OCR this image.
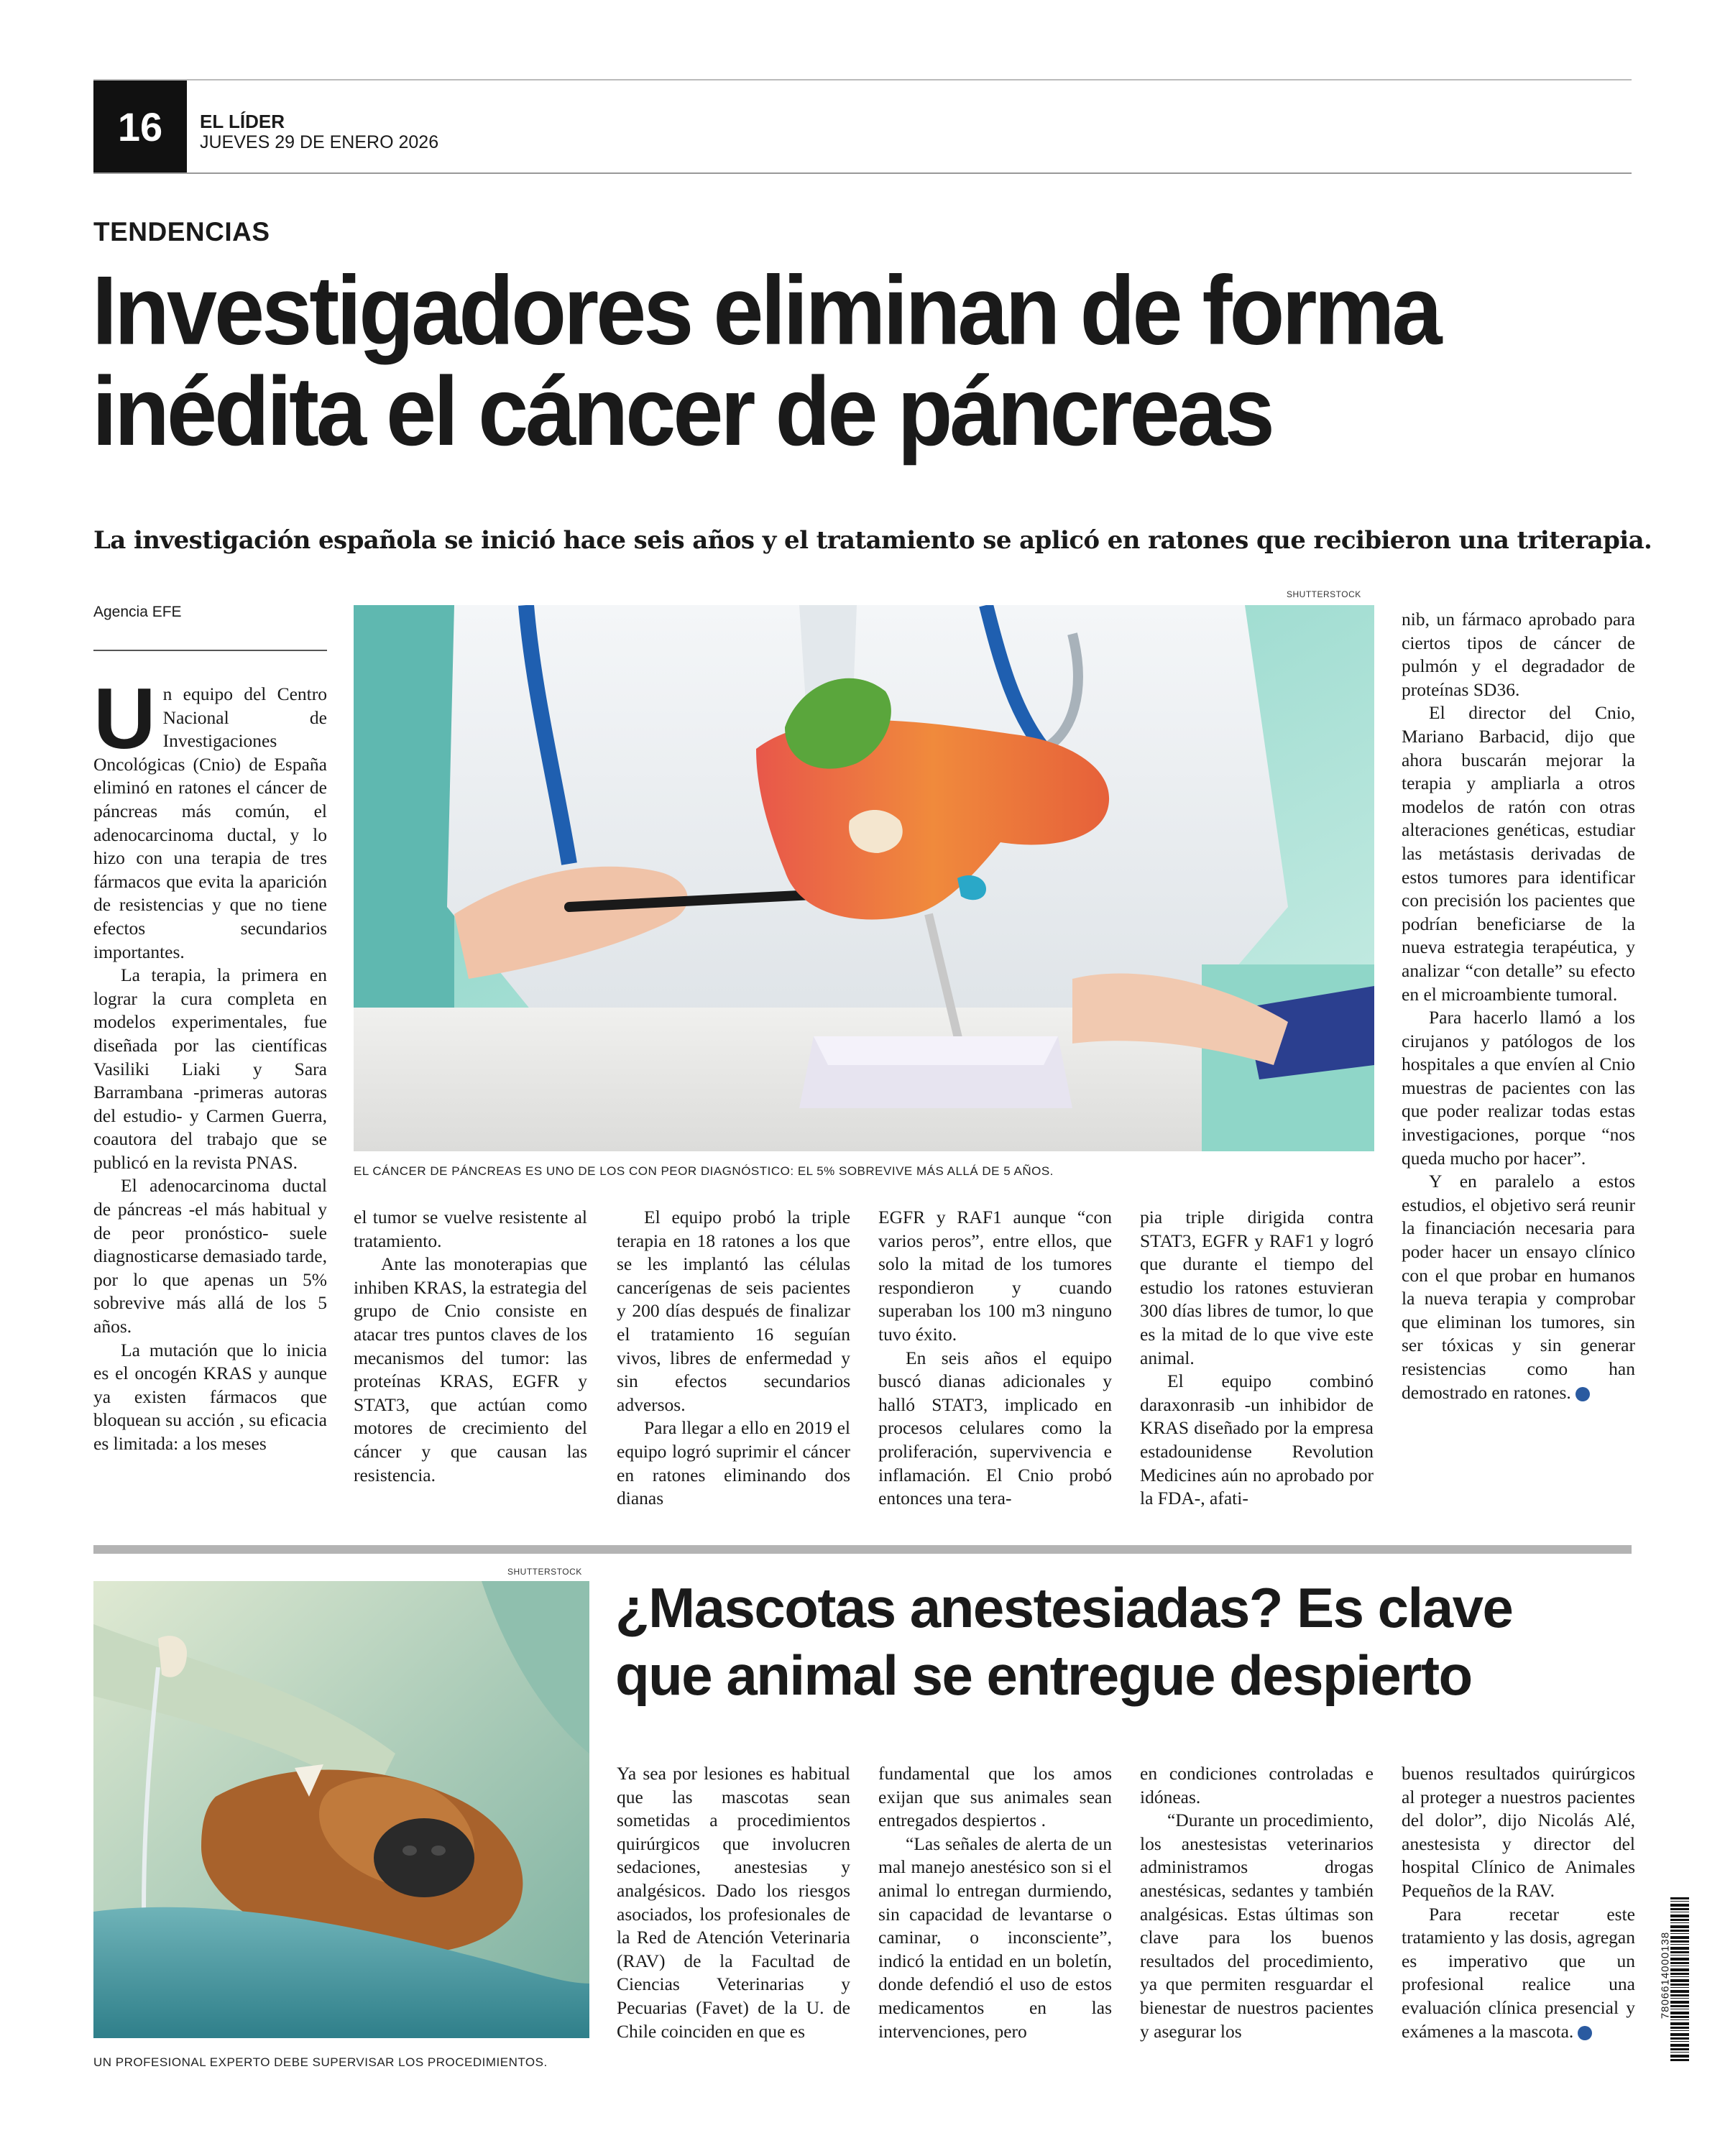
16	EL LÍDER
JUEVES 29 DE ENERO 2026
TENDENCIAS
Investigadores eliminan de forma
inédita el cáncer de páncreas
La investigación española se inició hace seis años y el tratamiento se aplicó en ratones que recibieron una triterapia.
Agencia EFE
SHUTTERSTOCK
EL CÁNCER DE PÁNCREAS ES UNO DE LOS CON PEOR DIAGNÓSTICO: EL 5% SOBREVIVE MÁS ALLÁ DE 5 AÑOS.

Un equipo del Centro Nacional de Investigaciones Oncológicas (Cnio) de España eliminó en ratones el cáncer de páncreas más común, el adenocarcinoma ductal, y lo hizo con una terapia de tres fármacos que evita la aparición de resistencias y que no tiene efectos secundarios importantes.

La terapia, la primera en lograr la cura completa en modelos experimentales, fue diseñada por las científicas Vasiliki Liaki y Sara Barrambana -primeras autoras del estudio- y Carmen Guerra, coautora del trabajo que se publicó en la revista PNAS.

El adenocarcinoma ductal de páncreas -el más habitual y de peor pronóstico- suele diagnosticarse demasiado tarde, por lo que apenas un 5% sobrevive más allá de los 5 años.

La mutación que lo inicia es el oncogén KRAS y aunque ya existen fármacos que bloquean su acción , su eficacia es limitada: a los meses

el tumor se vuelve resistente al tratamiento.

Ante las monoterapias que inhiben KRAS, la estrategia del grupo de Cnio consiste en atacar tres puntos claves de los mecanismos del tumor: las proteínas KRAS, EGFR y STAT3, que actúan como motores de crecimiento del cáncer y que causan las resistencia.

El equipo probó la triple terapia en 18 ratones a los que se les implantó las células cancerígenas de seis pacientes y 200 días después de finalizar el tratamiento 16 seguían vivos, libres de enfermedad y sin efectos secundarios adversos.

Para llegar a ello en 2019 el equipo logró suprimir el cáncer en ratones eliminando dos dianas

EGFR y RAF1 aunque “con varios peros”, entre ellos, que solo la mitad de los tumores respondieron y cuando superaban los 100 m3 ninguno tuvo éxito.

En seis años el equipo buscó dianas adicionales y halló STAT3, implicado en procesos celulares como la proliferación, supervivencia e inflamación. El Cnio probó entonces una tera-

pia triple dirigida contra STAT3, EGFR y RAF1 y logró que durante el tiempo del estudio los ratones estuvieran 300 días libres de tumor, lo que es la mitad de lo que vive este animal.

El equipo combinó daraxonrasib -un inhibidor de KRAS diseñado por la empresa estadounidense Revolution Medicines aún no aprobado por la FDA-, afati-

nib, un fármaco aprobado para ciertos tipos de cáncer de pulmón y el degradador de proteínas SD36.

El director del Cnio, Mariano Barbacid, dijo que ahora buscarán mejorar la terapia y ampliarla a otros modelos de ratón con otras alteraciones genéticas, estudiar las metástasis derivadas de estos tumores para identificar con precisión los pacientes que podrían beneficiarse de la nueva estrategia terapéutica, y analizar “con detalle” su efecto en el microambiente tumoral.

Para hacerlo llamó a los cirujanos y patólogos de los hospitales a que envíen al Cnio muestras de pacientes con las que poder realizar todas estas investigaciones, porque “nos queda mucho por hacer”.

Y en paralelo a estos estudios, el objetivo será reunir la financiación necesaria para poder hacer un ensayo clínico con el que probar en humanos la nueva terapia y comprobar que eliminan los tumores, sin ser tóxicas y sin generar resistencias como han demostrado en ratones.	✪

SHUTTERSTOCK
UN PROFESIONAL EXPERTO DEBE SUPERVISAR LOS PROCEDIMIENTOS.
¿Mascotas anestesiadas? Es clave
que animal se entregue despierto

Ya sea por lesiones es habitual que las mascotas sean sometidas a procedimientos quirúrgicos que involucren sedaciones, anestesias y analgésicos. Dado los riesgos asociados, los profesionales de la Red de Atención Veterinaria (RAV) de la Facultad de Ciencias Veterinarias y Pecuarias (Favet) de la U. de Chile coinciden en que es

fundamental que los amos exijan que sus animales sean entregados despiertos .

“Las señales de alerta de un mal manejo anestésico son si el animal lo entregan durmiendo, sin capacidad de levantarse o caminar, o inconsciente”, indicó la entidad en un boletín, donde defendió el uso de estos medicamentos en las intervenciones, pero

en condiciones controladas e idóneas.

“Durante un procedimiento, los anestesistas veterinarios administramos drogas anestésicas, sedantes y también analgésicas. Estas últimas son clave para los buenos resultados del procedimiento, ya que permiten resguardar el bienestar de nuestros pacientes y asegurar los

buenos resultados quirúrgicos al proteger a nuestros pacientes del dolor”, dijo Nicolás Alé, anestesista y director del hospital Clínico de Animales Pequeños de la RAV.

Para recetar este tratamiento y las dosis, agregan es imperativo que un profesional realice una evaluación clínica presencial y exámenes a la mascota.	✪

7806614000138
